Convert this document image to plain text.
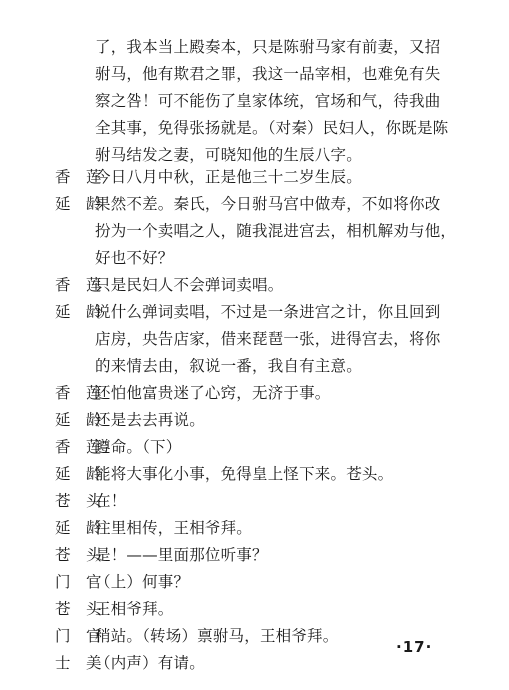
了，我本当上殿奏本，只是陈驸马家有前妻，又招
驸马，他有欺君之罪，我这一品宰相，也难免有失
察之咎！可不能伤了皇家体统，官场和气，待我曲
全其事，免得张扬就是。（对秦）民妇人，你既是陈
驸马结发之妻，可晓知他的生辰八字。
香　莲
今日八月中秋，正是他三十二岁生辰。
延　龄
果然不差。秦氏，今日驸马宫中做寿，不如将你改
扮为一个卖唱之人，随我混进宫去，相机解劝与他，
好也不好？
香　莲
只是民妇人不会弹词卖唱。
延　龄
说什么弹词卖唱，不过是一条进宫之计，你且回到
店房，央告店家，借来琵琶一张，进得宫去，将你
的来情去由，叙说一番，我自有主意。
香　莲
还怕他富贵迷了心窍，无济于事。
延　龄
还是去去再说。
香　莲
遵命。（下）
延　龄
能将大事化小事，免得皇上怪下来。苍头。
苍　头
在！
延　龄
往里相传，王相爷拜。
苍　头
是！——里面那位听事？
门　官
（上）何事？
苍　头
王相爷拜。
门　官
稍站。（转场）禀驸马，王相爷拜。
士　美
（内声）有请。
·17·
